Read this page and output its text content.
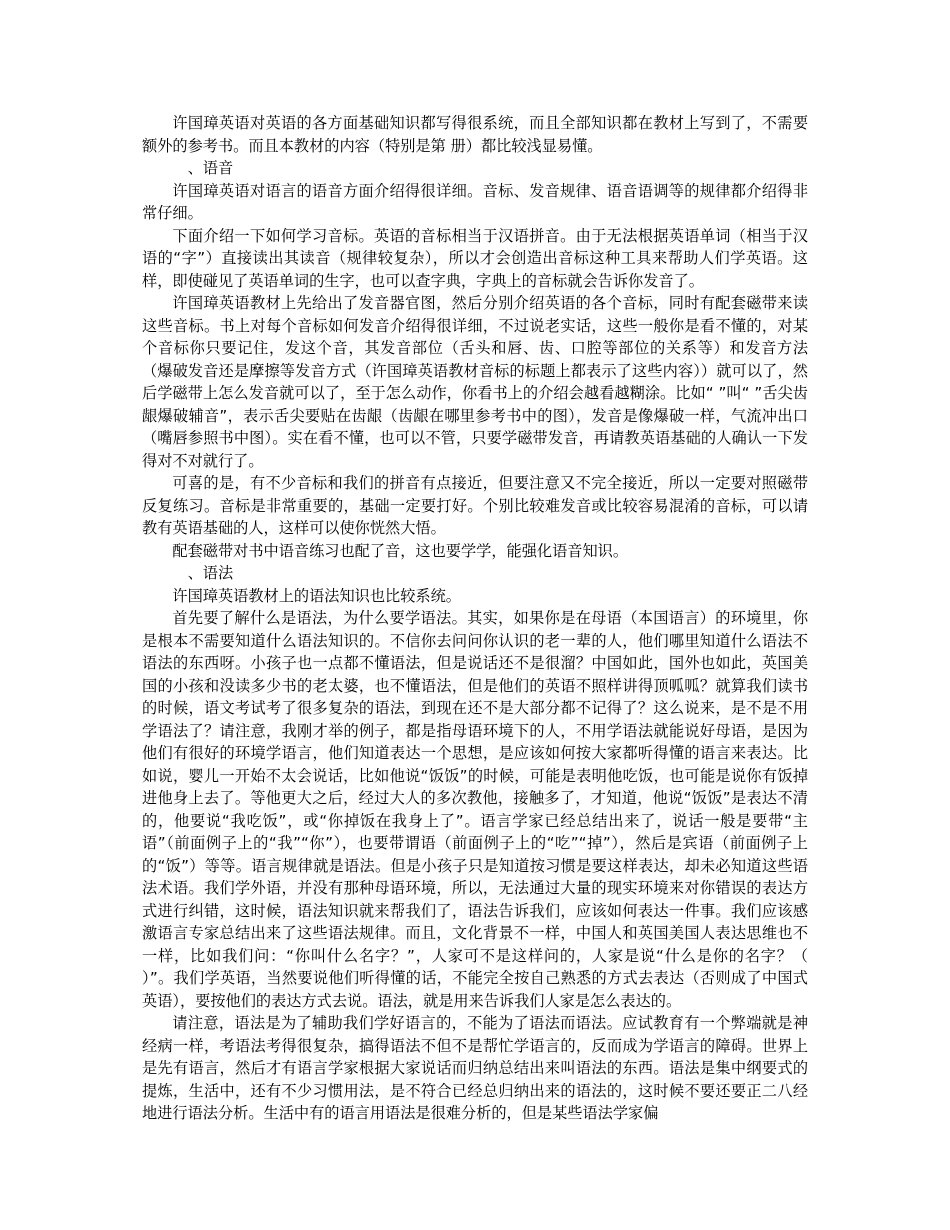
许国璋英语对英语的各方面基础知识都写得很系统，而且全部知识都在教材上写到了，不需要额外的参考书。而且本教材的内容（特别是第 册）都比较浅显易懂。

、语音

许国璋英语对语言的语音方面介绍得很详细。音标、发音规律、语音语调等的规律都介绍得非常仔细。

下面介绍一下如何学习音标。英语的音标相当于汉语拼音。由于无法根据英语单词（相当于汉语的“字”）直接读出其读音（规律较复杂），所以才会创造出音标这种工具来帮助人们学英语。这样，即使碰见了英语单词的生字，也可以查字典，字典上的音标就会告诉你发音了。

许国璋英语教材上先给出了发音器官图，然后分别介绍英语的各个音标，同时有配套磁带来读这些音标。书上对每个音标如何发音介绍得很详细，不过说老实话，这些一般你是看不懂的，对某个音标你只要记住，发这个音，其发音部位（舌头和唇、齿、口腔等部位的关系等）和发音方法（爆破发音还是摩擦等发音方式（许国璋英语教材音标的标题上都表示了这些内容））就可以了，然后学磁带上怎么发音就可以了，至于怎么动作，你看书上的介绍会越看越糊涂。比如“ ”叫“ ”舌尖齿龈爆破辅音”，表示舌尖要贴在齿龈（齿龈在哪里参考书中的图），发音是像爆破一样，气流冲出口（嘴唇参照书中图）。实在看不懂，也可以不管，只要学磁带发音，再请教英语基础的人确认一下发得对不对就行了。

可喜的是，有不少音标和我们的拼音有点接近，但要注意又不完全接近，所以一定要对照磁带反复练习。音标是非常重要的，基础一定要打好。个别比较难发音或比较容易混淆的音标，可以请教有英语基础的人，这样可以使你恍然大悟。

配套磁带对书中语音练习也配了音，这也要学学，能强化语音知识。

、语法

许国璋英语教材上的语法知识也比较系统。

首先要了解什么是语法，为什么要学语法。其实，如果你是在母语（本国语言）的环境里，你是根本不需要知道什么语法知识的。不信你去问问你认识的老一辈的人，他们哪里知道什么语法不语法的东西呀。小孩子也一点都不懂语法，但是说话还不是很溜？中国如此，国外也如此，英国美国的小孩和没读多少书的老太婆，也不懂语法，但是他们的英语不照样讲得顶呱呱？就算我们读书的时候，语文考试考了很多复杂的语法，到现在还不是大部分都不记得了？这么说来，是不是不用学语法了？请注意，我刚才举的例子，都是指母语环境下的人，不用学语法就能说好母语，是因为他们有很好的环境学语言，他们知道表达一个思想，是应该如何按大家都听得懂的语言来表达。比如说，婴儿一开始不太会说话，比如他说“饭饭”的时候，可能是表明他吃饭，也可能是说你有饭掉进他身上去了。等他更大之后，经过大人的多次教他，接触多了，才知道，他说“饭饭”是表达不清的，他要说“我吃饭”，或“你掉饭在我身上了”。语言学家已经总结出来了，说话一般是要带“主语”（前面例子上的“我”“你”），也要带谓语（前面例子上的“吃”“掉”），然后是宾语（前面例子上的“饭”）等等。语言规律就是语法。但是小孩子只是知道按习惯是要这样表达，却未必知道这些语法术语。我们学外语，并没有那种母语环境，所以，无法通过大量的现实环境来对你错误的表达方式进行纠错，这时候，语法知识就来帮我们了，语法告诉我们，应该如何表达一件事。我们应该感激语言专家总结出来了这些语法规律。而且，文化背景不一样，中国人和英国美国人表达思维也不一样，比如我们问：“你叫什么名字？”，人家可不是这样问的，人家是说“什么是你的名字？（ ）”。我们学英语，当然要说他们听得懂的话，不能完全按自己熟悉的方式去表达（否则成了中国式英语），要按他们的表达方式去说。语法，就是用来告诉我们人家是怎么表达的。

请注意，语法是为了辅助我们学好语言的，不能为了语法而语法。应试教育有一个弊端就是神经病一样，考语法考得很复杂，搞得语法不但不是帮忙学语言的，反而成为学语言的障碍。世界上是先有语言，然后才有语言学家根据大家说话而归纳总结出来叫语法的东西。语法是集中纲要式的提炼，生活中，还有不少习惯用法，是不符合已经总归纳出来的语法的，这时候不要还要正二八经地进行语法分析。生活中有的语言用语法是很难分析的，但是某些语法学家偏
